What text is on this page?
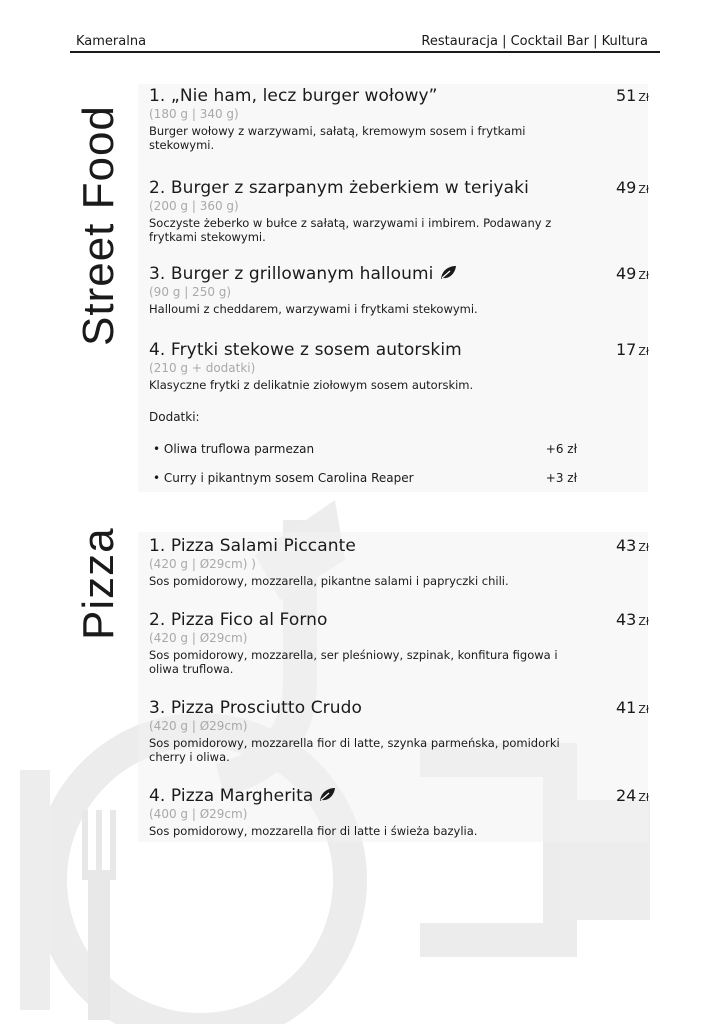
Kameralna	Restauracja | Cocktail Bar | Kultura
Street Food
1. „Nie ham, lecz burger wołowy”
(180 g | 340 g)
Burger wołowy z warzywami, sałatą, kremowym sosem i frytkami stekowymi.
51 Zł
2. Burger z szarpanym żeberkiem w teriyaki
(200 g | 360 g)
Soczyste żeberko w bułce z sałatą, warzywami i imbirem. Podawany z frytkami stekowymi.
49 Zł
3. Burger z grillowanym halloumi
(90 g | 250 g)
Halloumi z cheddarem, warzywami i frytkami stekowymi.
49 Zł
4. Frytki stekowe z sosem autorskim
(210 g + dodatki)
Klasyczne frytki z delikatnie ziołowym sosem autorskim.
17 Zł
Dodatki:
• Oliwa truflowa parmezan	+6 zł
• Curry i pikantnym sosem Carolina Reaper	+3 zł
Pizza 1. Pizza Salami Piccante
(420 g | Ø29cm) )
Sos pomidorowy, mozzarella, pikantne salami i papryczki chili.
43 Zł
2. Pizza Fico al Forno
(420 g | Ø29cm)
Sos pomidorowy, mozzarella, ser pleśniowy, szpinak, konfitura figowa i oliwa truflowa.
43 Zł
3. Pizza Prosciutto Crudo
(420 g | Ø29cm)
Sos pomidorowy, mozzarella fior di latte, szynka parmeńska, pomidorki cherry i oliwa.
41 Zł
4. Pizza Margherita
(400 g | Ø29cm)
Sos pomidorowy, mozzarella fior di latte i świeża bazylia.
24 Zł
